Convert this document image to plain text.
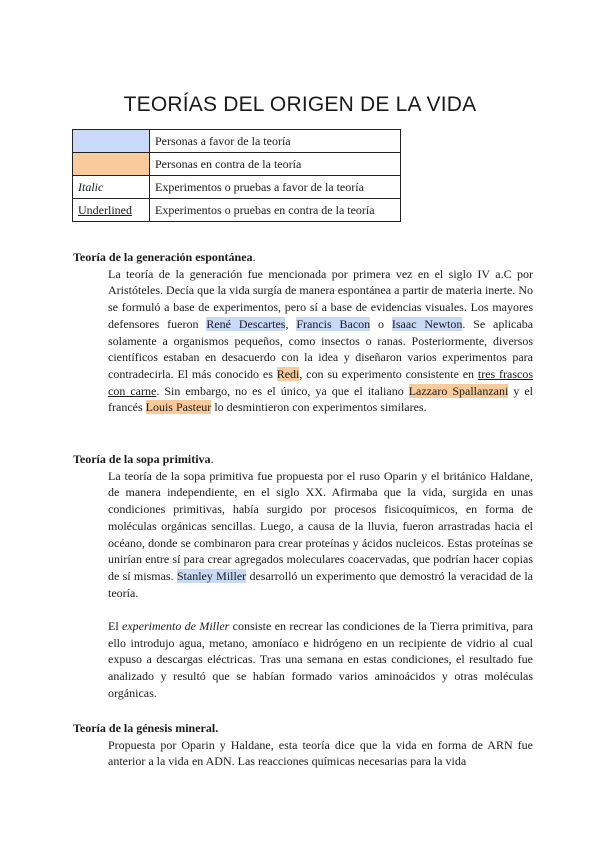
TEORÍAS DEL ORIGEN DE LA VIDA
	Personas a favor de la teoría
	Personas en contra de la teoría
Italic	Experimentos o pruebas a favor de la teoría
Underlined	Experimentos o pruebas en contra de la teoría

Teoría de la generación espontánea.

La teoría de la generación fue mencionada por primera vez en el siglo IV a.C por Aristóteles. Decía que la vida surgía de manera espontánea a partir de materia inerte. No se formuló a base de experimentos, pero sí a base de evidencias visuales. Los mayores defensores fueron René Descartes, Francis Bacon o Isaac Newton. Se aplicaba solamente a organismos pequeños, como insectos o ranas. Posteriormente, diversos científicos estaban en desacuerdo con la idea y diseñaron varios experimentos para contradecirla. El más conocido es Redi, con su experimento consistente en tres frascos con carne. Sin embargo, no es el único, ya que el italiano Lazzaro Spallanzani y el francés Louis Pasteur lo desmintieron con experimentos similares.

Teoría de la sopa primitiva.

La teoría de la sopa primitiva fue propuesta por el ruso Oparin y el británico Haldane, de manera independiente, en el siglo XX. Afirmaba que la vida, surgida en unas condiciones primitivas, había surgido por procesos fisicoquímicos, en forma de moléculas orgánicas sencillas. Luego, a causa de la lluvia, fueron arrastradas hacia el océano, donde se combinaron para crear proteínas y ácidos nucleicos. Estas proteínas se unirían entre sí para crear agregados moleculares coacervadas, que podrían hacer copias de sí mismas. Stanley Miller desarrolló un experimento que demostró la veracidad de la teoría.

El experimento de Miller consiste en recrear las condiciones de la Tierra primitiva, para ello introdujo agua, metano, amoníaco e hidrógeno en un recipiente de vidrio al cual expuso a descargas eléctricas. Tras una semana en estas condiciones, el resultado fue analizado y resultó que se habían formado varios aminoácidos y otras moléculas orgánicas.

Teoría de la génesis mineral.

Propuesta por Oparin y Haldane, esta teoría dice que la vida en forma de ARN fue anterior a la vida en ADN. Las reacciones químicas necesarias para la vida
